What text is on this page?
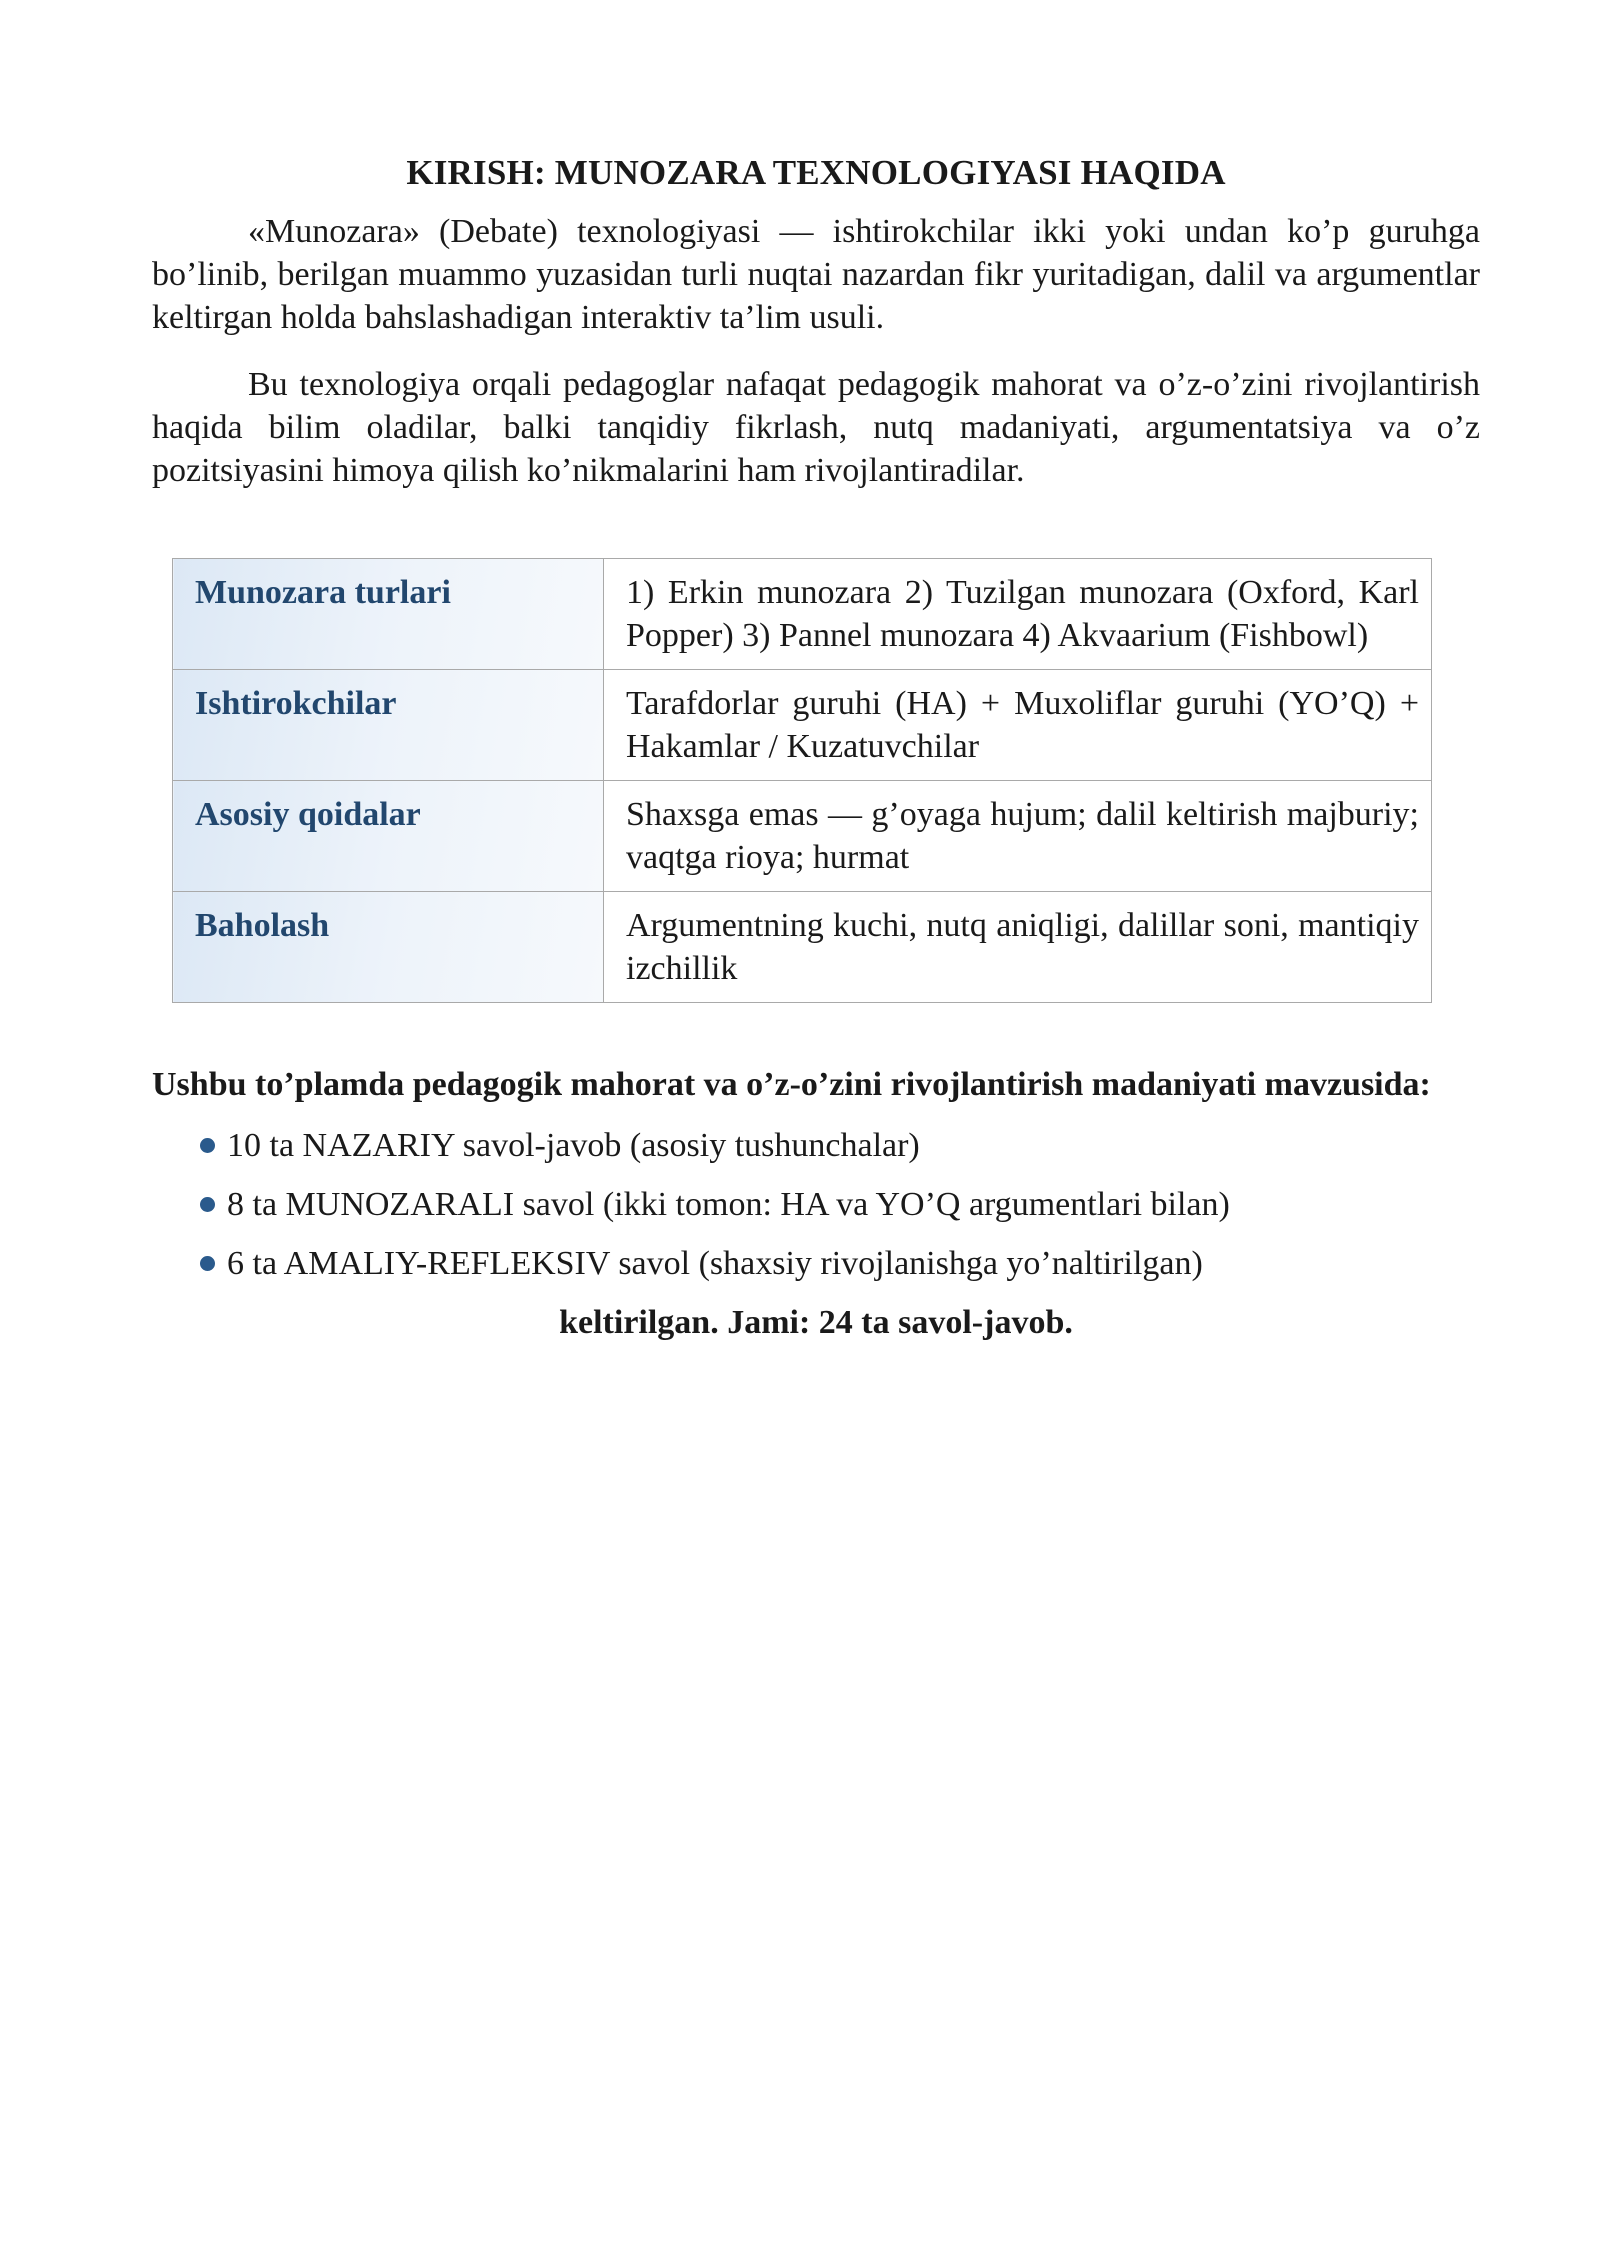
KIRISH: MUNOZARA TEXNOLOGIYASI HAQIDA

«Munozara» (Debate) texnologiyasi — ishtirokchilar ikki yoki undan ko’p guruhga bo’linib, berilgan muammo yuzasidan turli nuqtai nazardan fikr yuritadigan, dalil va argumentlar keltirgan holda bahslashadigan interaktiv ta’lim usuli.

Bu texnologiya orqali pedagoglar nafaqat pedagogik mahorat va o’z-o’zini rivojlantirish haqida bilim oladilar, balki tanqidiy fikrlash, nutq madaniyati, argumentatsiya va o’z pozitsiyasini himoya qilish ko’nikmalarini ham rivojlantiradilar.

Munozara turlari	1) Erkin munozara 2) Tuzilgan munozara (Oxford, Karl Popper) 3) Pannel munozara 4) Akvaarium (Fishbowl)
Ishtirokchilar	Tarafdorlar guruhi (HA) + Muxoliflar guruhi (YO’Q) + Hakamlar / Kuzatuvchilar
Asosiy qoidalar	Shaxsga emas — g’oyaga hujum; dalil keltirish majburiy; vaqtga rioya; hurmat
Baholash	Argumentning kuchi, nutq aniqligi, dalillar soni, mantiqiy izchillik

Ushbu to’plamda pedagogik mahorat va o’z-o’zini rivojlantirish madaniyati mavzusida:

10 ta NAZARIY savol-javob (asosiy tushunchalar)
8 ta MUNOZARALI savol (ikki tomon: HA va YO’Q argumentlari bilan)
6 ta AMALIY-REFLEKSIV savol (shaxsiy rivojlanishga yo’naltirilgan)
keltirilgan. Jami: 24 ta savol-javob.
